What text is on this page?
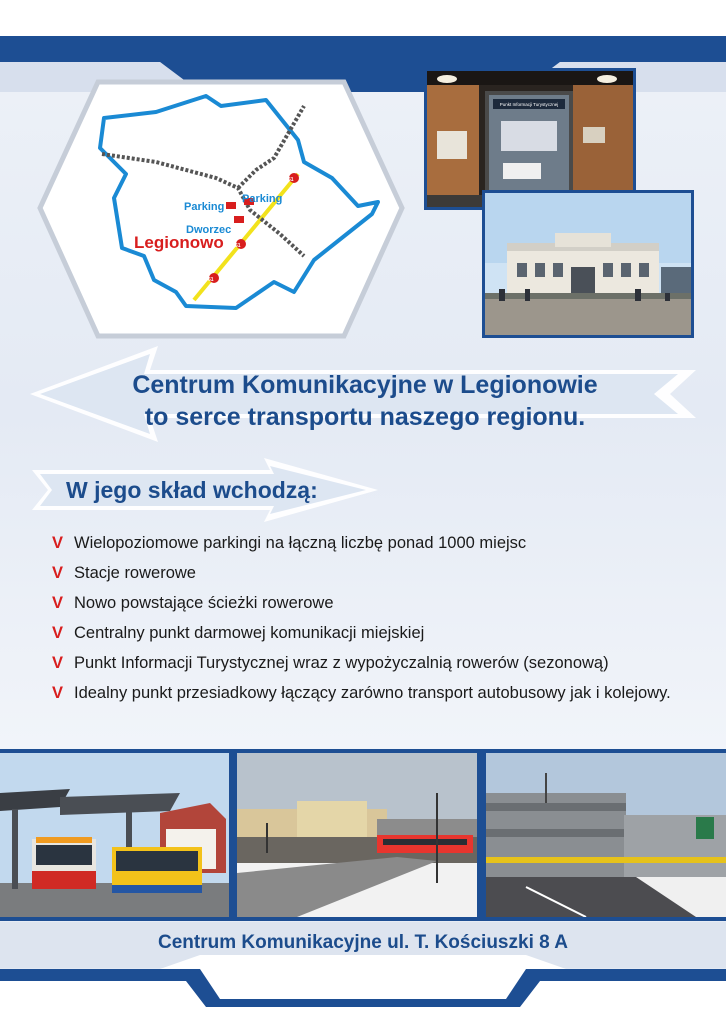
61
61
61
Parking
Parking
Dworzec
Legionowo
Punkt Informacji Turystycznej
Centrum Komunikacyjne w Legionowie
to serce transportu naszego regionu.
W jego skład wchodzą:
V Wielopoziomowe parkingi na łączną liczbę ponad 1000 miejsc
V Stacje rowerowe
V Nowo powstające ścieżki rowerowe
V Centralny punkt darmowej komunikacji miejskiej
V Punkt Informacji Turystycznej wraz z wypożyczalnią rowerów (sezonową)
V Idealny punkt przesiadkowy łączący zarówno transport autobusowy jak i kolejowy.
Centrum Komunikacyjne ul. T. Kościuszki 8 A
